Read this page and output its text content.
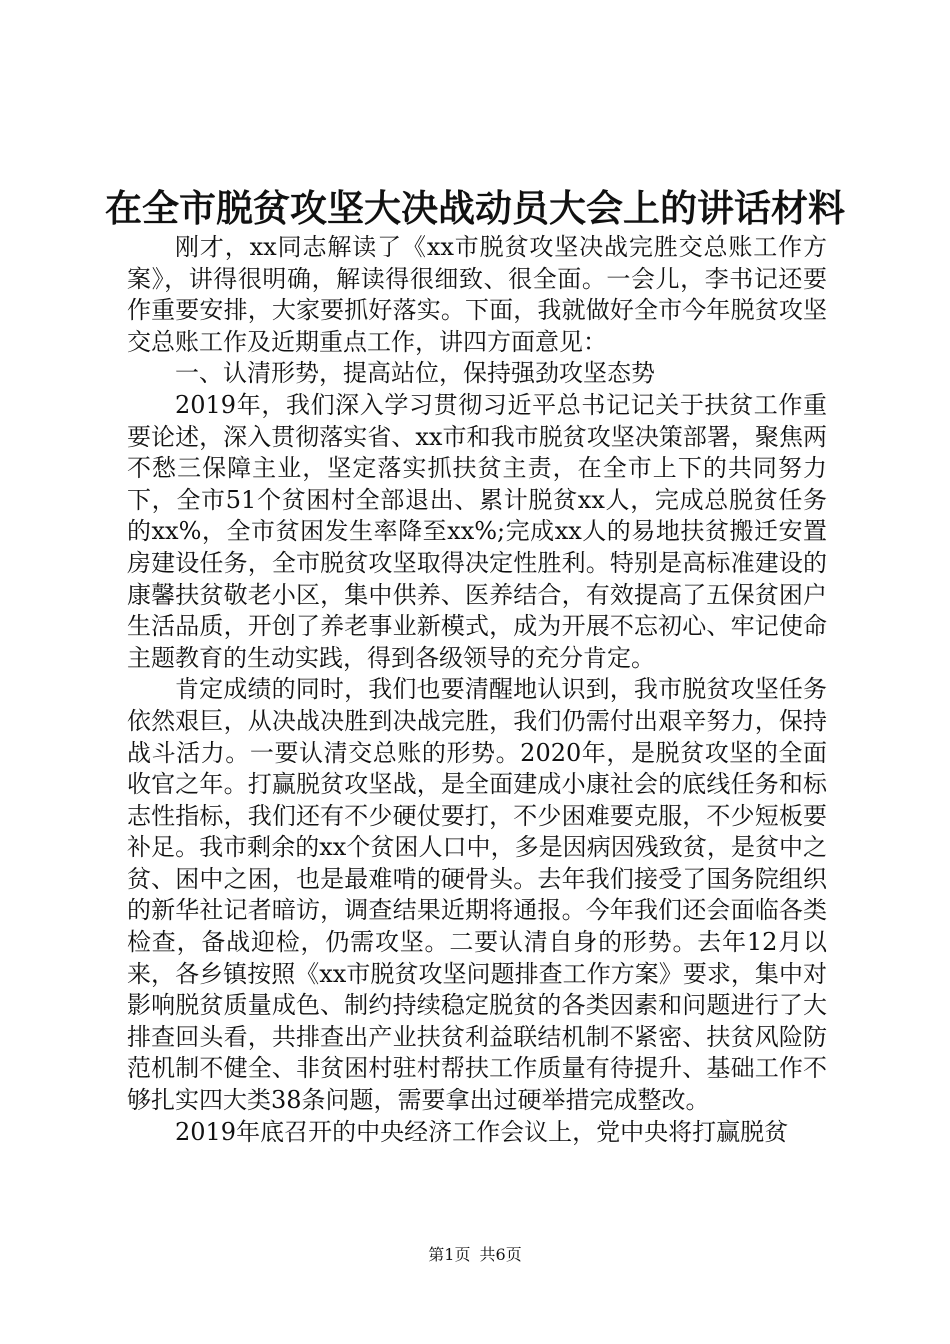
在全市脱贫攻坚大决战动员大会上的讲话材料

刚才，xx同志解读了《xx市脱贫攻坚决战完胜交总账工作方案》，讲得很明确，解读得很细致、很全面。一会儿，李书记还要作重要安排，大家要抓好落实。下面，我就做好全市今年脱贫攻坚交总账工作及近期重点工作，讲四方面意见：

一、认清形势，提高站位，保持强劲攻坚态势

2019年，我们深入学习贯彻习近平总书记记关于扶贫工作重要论述，深入贯彻落实省、xx市和我市脱贫攻坚决策部署，聚焦两不愁三保障主业，坚定落实抓扶贫主责，在全市上下的共同努力下，全市51个贫困村全部退出、累计脱贫xx人，完成总脱贫任务的xx%，全市贫困发生率降至xx%;完成xx人的易地扶贫搬迁安置房建设任务，全市脱贫攻坚取得决定性胜利。特别是高标准建设的康馨扶贫敬老小区，集中供养、医养结合，有效提高了五保贫困户生活品质，开创了养老事业新模式，成为开展不忘初心、牢记使命主题教育的生动实践，得到各级领导的充分肯定。

肯定成绩的同时，我们也要清醒地认识到，我市脱贫攻坚任务依然艰巨，从决战决胜到决战完胜，我们仍需付出艰辛努力，保持战斗活力。一要认清交总账的形势。2020年，是脱贫攻坚的全面收官之年。打赢脱贫攻坚战，是全面建成小康社会的底线任务和标志性指标，我们还有不少硬仗要打，不少困难要克服，不少短板要补足。我市剩余的xx个贫困人口中，多是因病因残致贫，是贫中之贫、困中之困，也是最难啃的硬骨头。去年我们接受了国务院组织的新华社记者暗访，调查结果近期将通报。今年我们还会面临各类检查，备战迎检，仍需攻坚。二要认清自身的形势。去年12月以来，各乡镇按照《xx市脱贫攻坚问题排查工作方案》要求，集中对影响脱贫质量成色、制约持续稳定脱贫的各类因素和问题进行了大排查回头看，共排查出产业扶贫利益联结机制不紧密、扶贫风险防范机制不健全、非贫困村驻村帮扶工作质量有待提升、基础工作不够扎实四大类38条问题，需要拿出过硬举措完成整改。

2019年底召开的中央经济工作会议上，党中央将打赢脱贫

第1页 共6页
